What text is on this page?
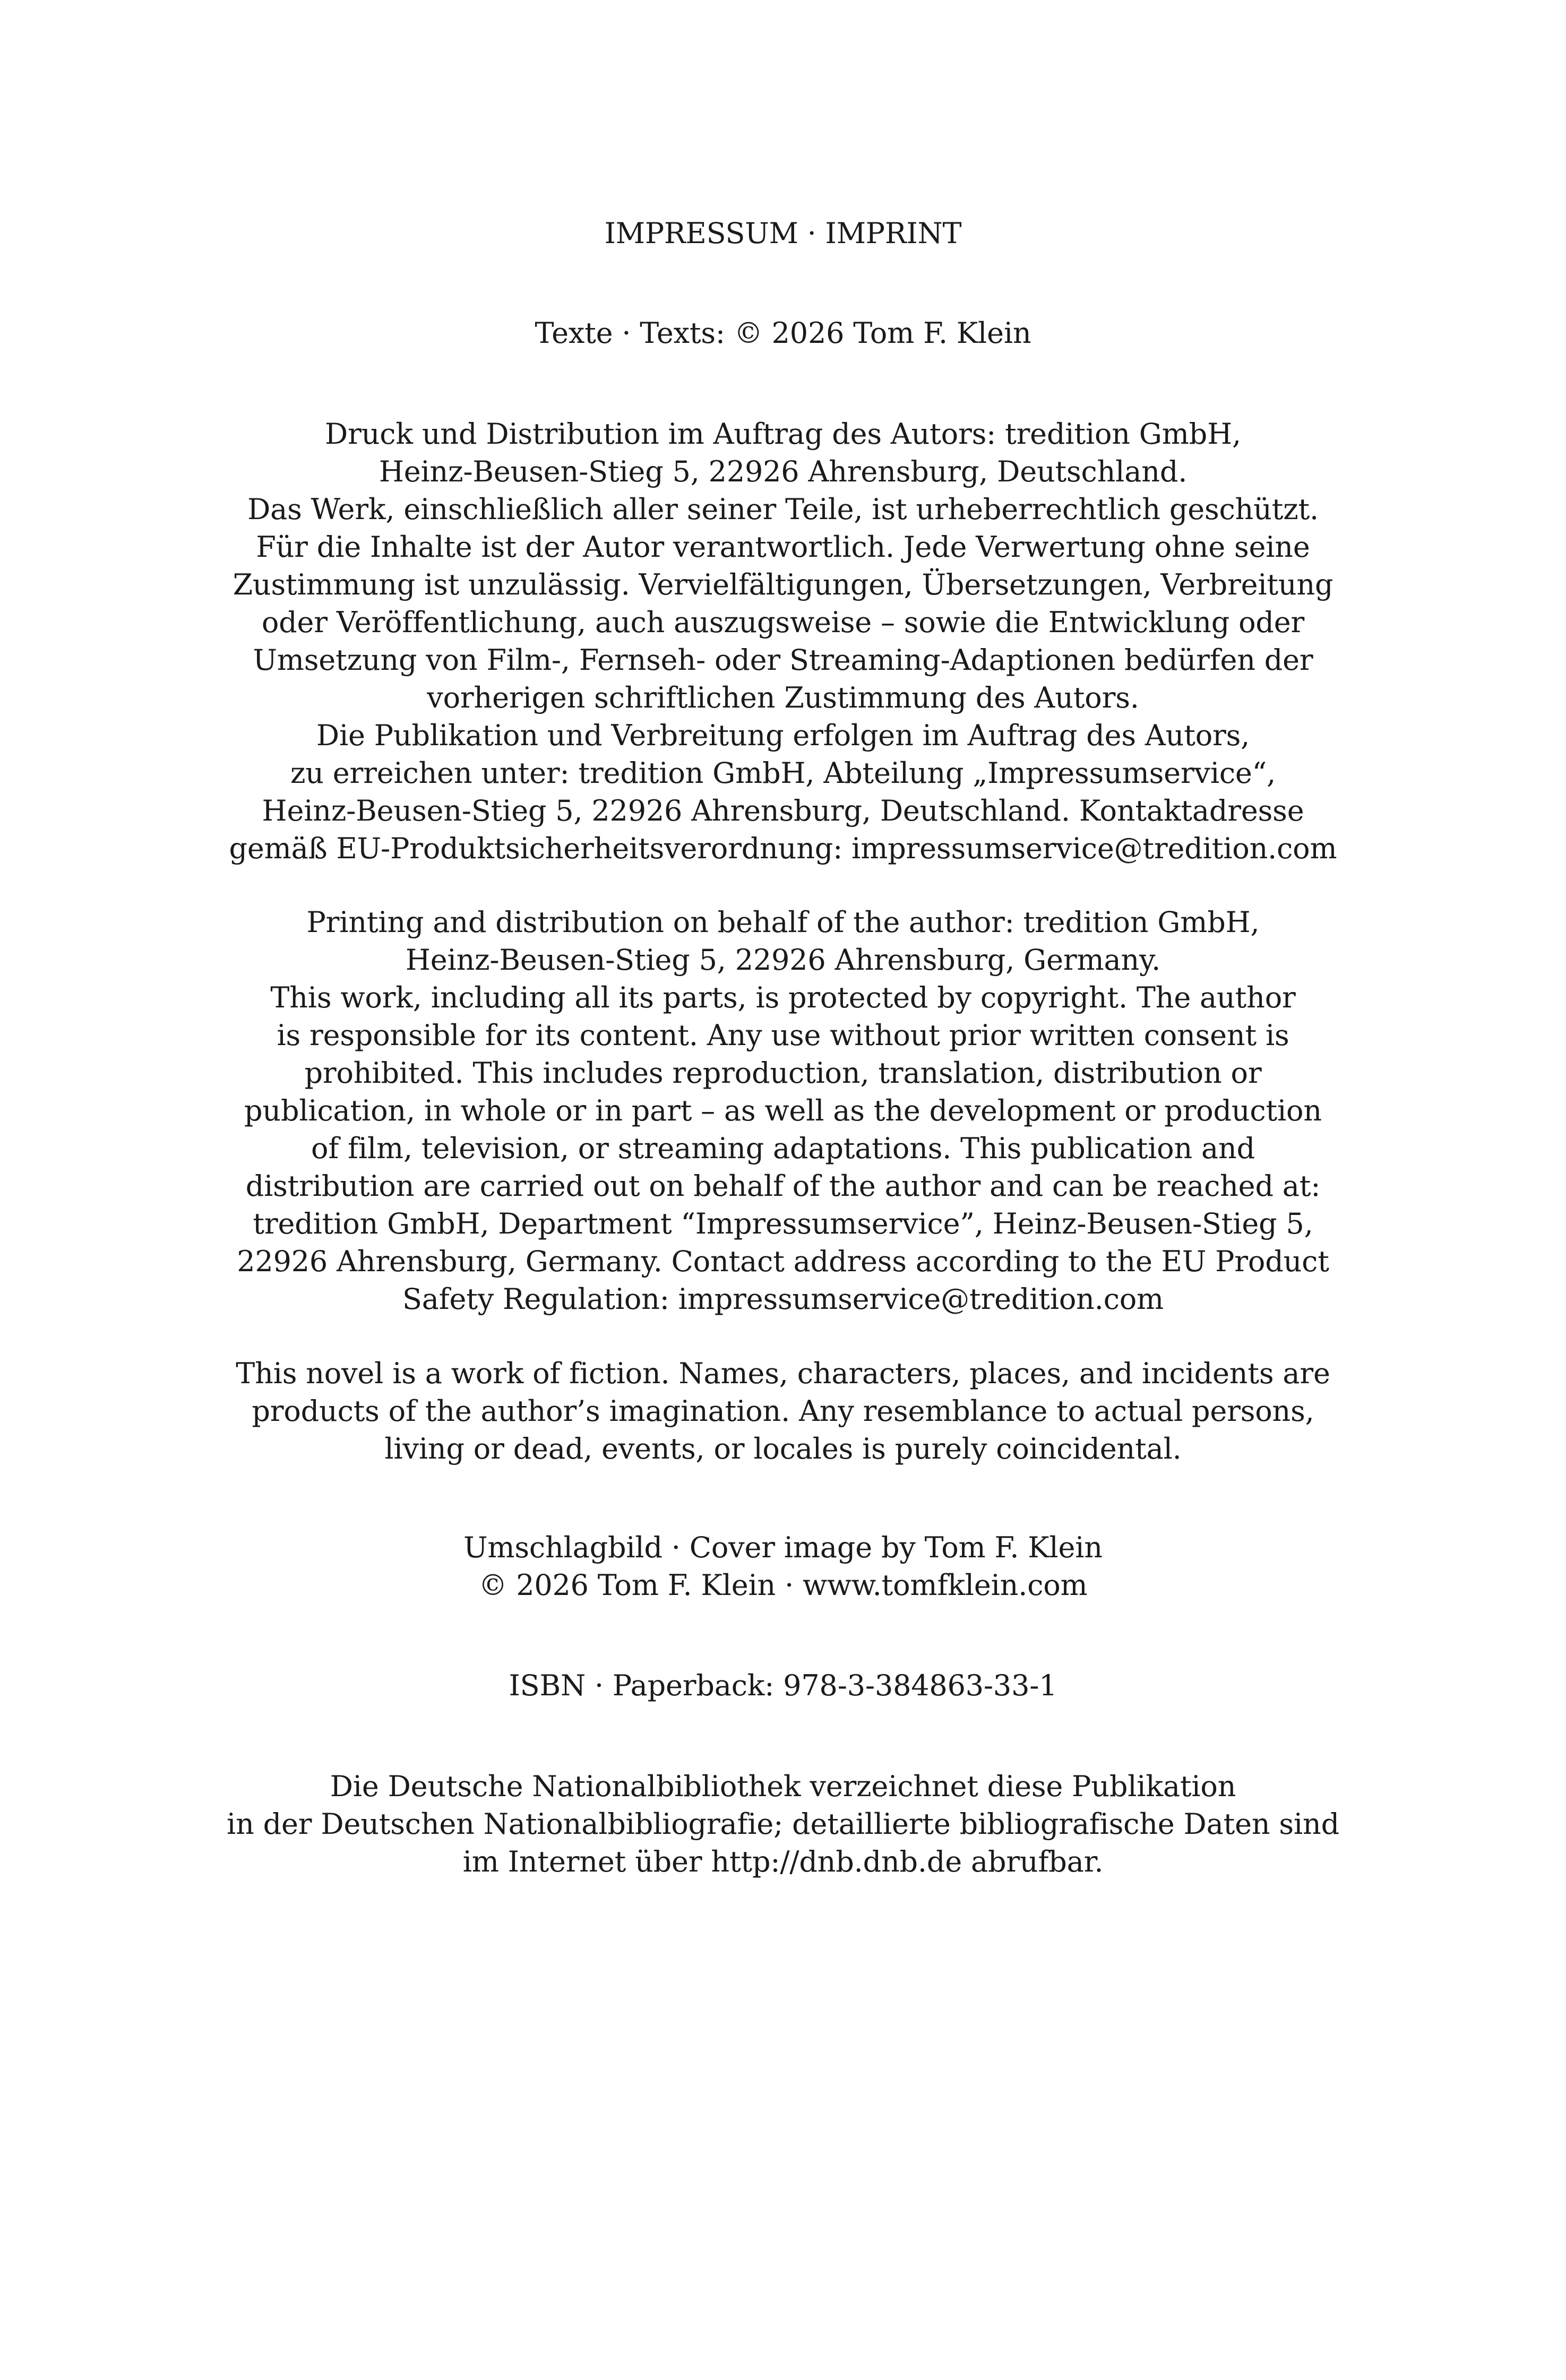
IMPRESSUM · IMPRINT
Texte · Texts: © 2026 Tom F. Klein
Druck und Distribution im Auftrag des Autors: tredition GmbH,
Heinz-Beusen-Stieg 5, 22926 Ahrensburg, Deutschland.
Das Werk, einschließlich aller seiner Teile, ist urheberrechtlich geschützt.
Für die Inhalte ist der Autor verantwortlich. Jede Verwertung ohne seine
Zustimmung ist unzulässig. Vervielfältigungen, Übersetzungen, Verbreitung
oder Veröffentlichung, auch auszugsweise – sowie die Entwicklung oder
Umsetzung von Film-, Fernseh- oder Streaming-Adaptionen bedürfen der
vorherigen schriftlichen Zustimmung des Autors.
Die Publikation und Verbreitung erfolgen im Auftrag des Autors,
zu erreichen unter: tredition GmbH, Abteilung „Impressumservice“,
Heinz-Beusen-Stieg 5, 22926 Ahrensburg, Deutschland. Kontaktadresse
gemäß EU-Produktsicherheitsverordnung: impressumservice@tredition.com
Printing and distribution on behalf of the author: tredition GmbH,
Heinz-Beusen-Stieg 5, 22926 Ahrensburg, Germany.
This work, including all its parts, is protected by copyright. The author
is responsible for its content. Any use without prior written consent is
prohibited. This includes reproduction, translation, distribution or
publication, in whole or in part – as well as the development or production
of film, television, or streaming adaptations. This publication and
distribution are carried out on behalf of the author and can be reached at:
tredition GmbH, Department “Impressumservice”, Heinz-Beusen-Stieg 5,
22926 Ahrensburg, Germany. Contact address according to the EU Product
Safety Regulation: impressumservice@tredition.com
This novel is a work of fiction. Names, characters, places, and incidents are
products of the author’s imagination. Any resemblance to actual persons,
living or dead, events, or locales is purely coincidental.
Umschlagbild · Cover image by Tom F. Klein
© 2026 Tom F. Klein · www.tomfklein.com
ISBN · Paperback: 978-3-384863-33-1
Die Deutsche Nationalbibliothek verzeichnet diese Publikation
in der Deutschen Nationalbibliografie; detaillierte bibliografische Daten sind
im Internet über http://dnb.dnb.de abrufbar.
